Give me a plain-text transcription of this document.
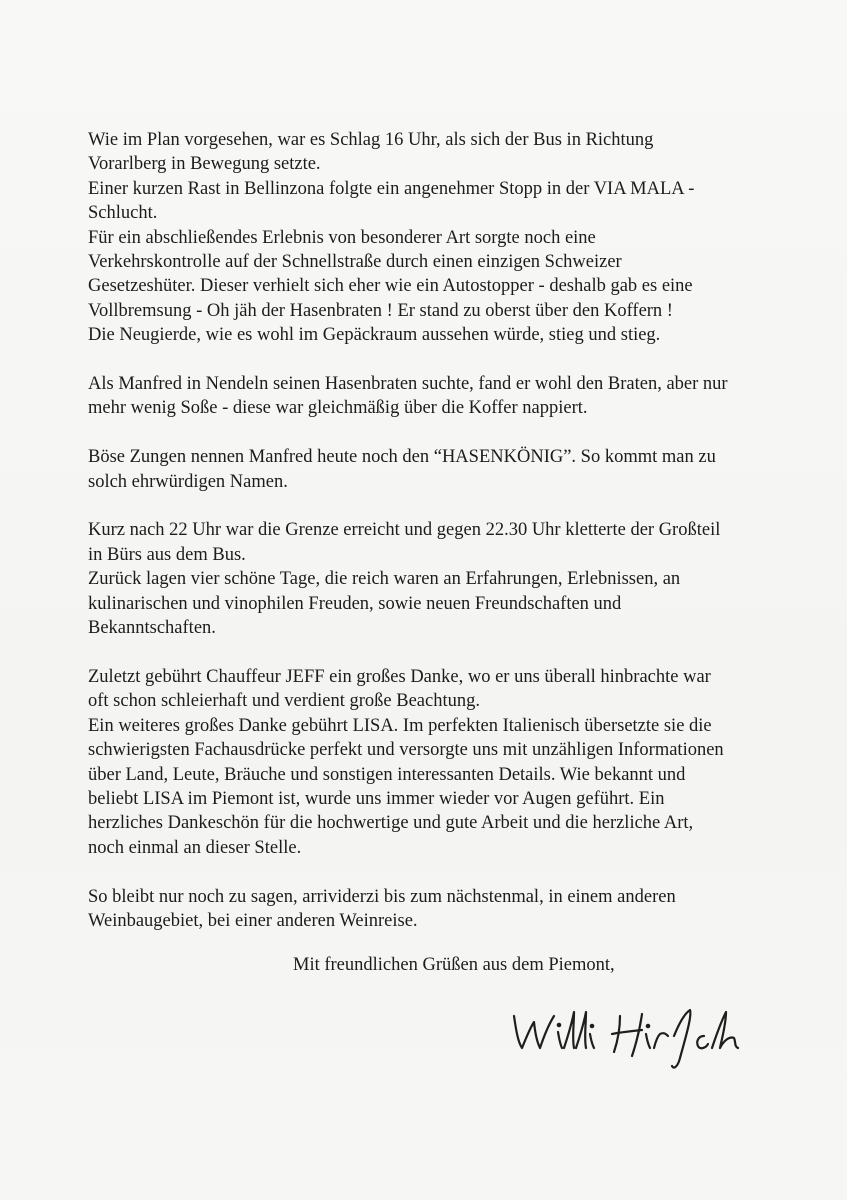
Wie im Plan vorgesehen, war es Schlag 16 Uhr, als sich der Bus in Richtung
Vorarlberg in Bewegung setzte.
Einer kurzen Rast in Bellinzona folgte ein angenehmer Stopp in der VIA MALA -
Schlucht.
Für ein abschließendes Erlebnis von besonderer Art sorgte noch eine
Verkehrskontrolle auf der Schnellstraße durch einen einzigen Schweizer
Gesetzeshüter. Dieser verhielt sich eher wie ein Autostopper - deshalb gab es eine
Vollbremsung - Oh jäh der Hasenbraten ! Er stand zu oberst über den Koffern !
Die Neugierde, wie es wohl im Gepäckraum aussehen würde, stieg und stieg.

Als Manfred in Nendeln seinen Hasenbraten suchte, fand er wohl den Braten, aber nur
mehr wenig Soße - diese war gleichmäßig über die Koffer nappiert.

Böse Zungen nennen Manfred heute noch den “HASENKÖNIG”. So kommt man zu
solch ehrwürdigen Namen.

Kurz nach 22 Uhr war die Grenze erreicht und gegen 22.30 Uhr kletterte der Großteil
in Bürs aus dem Bus.
Zurück lagen vier schöne Tage, die reich waren an Erfahrungen, Erlebnissen, an
kulinarischen und vinophilen Freuden, sowie neuen Freundschaften und
Bekanntschaften.

Zuletzt gebührt Chauffeur JEFF ein großes Danke, wo er uns überall hinbrachte war
oft schon schleierhaft und verdient große Beachtung.
Ein weiteres großes Danke gebührt LISA. Im perfekten Italienisch übersetzte sie die
schwierigsten Fachausdrücke perfekt und versorgte uns mit unzähligen Informationen
über Land, Leute, Bräuche und sonstigen interessanten Details. Wie bekannt und
beliebt LISA im Piemont ist, wurde uns immer wieder vor Augen geführt. Ein
herzliches Dankeschön für die hochwertige und gute Arbeit und die herzliche Art,
noch einmal an dieser Stelle.

So bleibt nur noch zu sagen, arrividerzi bis zum nächstenmal, in einem anderen
Weinbaugebiet, bei einer anderen Weinreise.

Mit freundlichen Grüßen aus dem Piemont,
